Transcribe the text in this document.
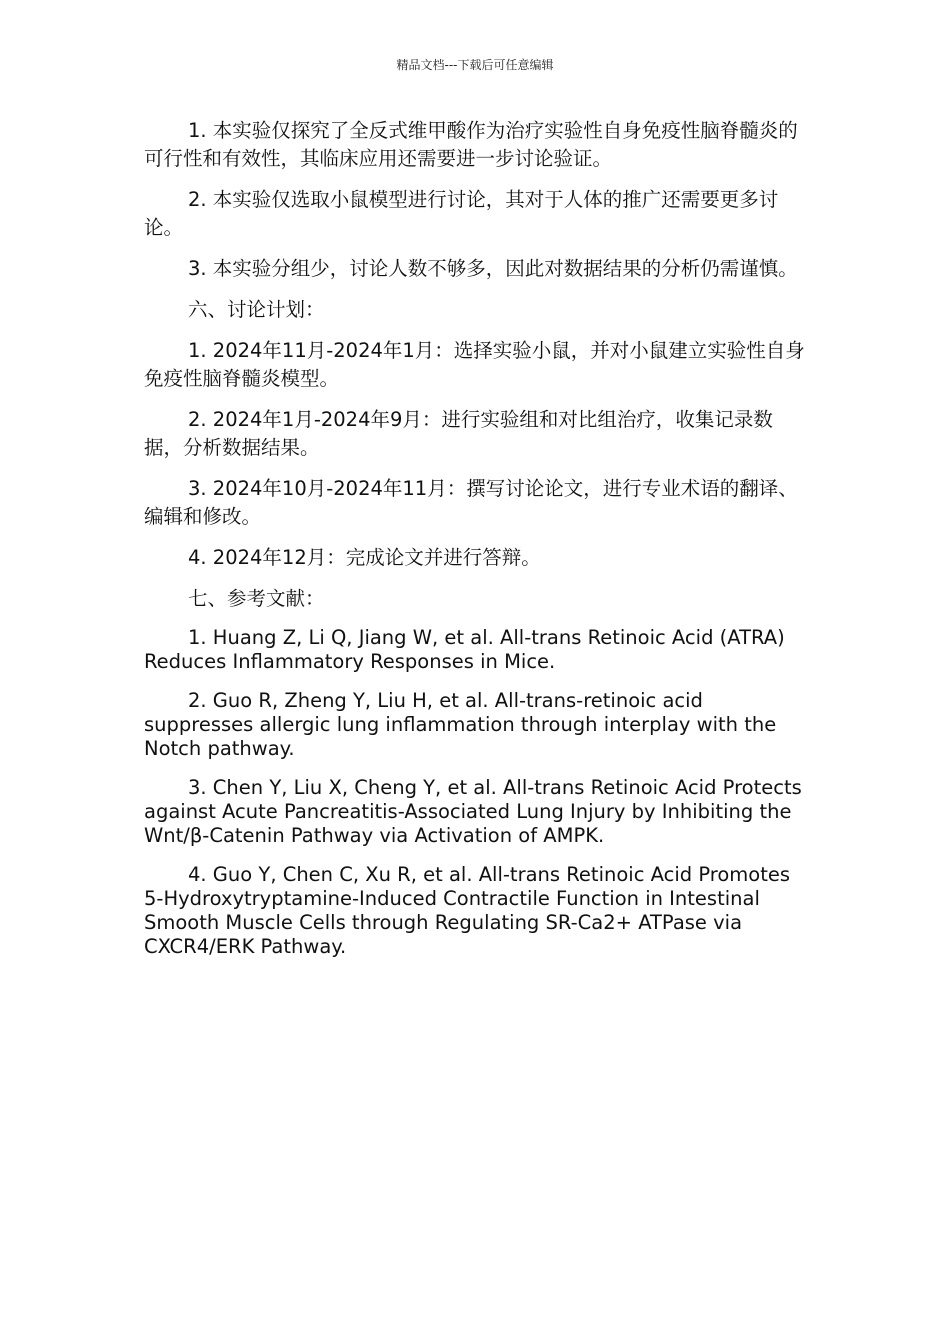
精品文档---下载后可任意编辑

1. 本实验仅探究了全反式维甲酸作为治疗实验性自身免疫性脑脊髓炎的可行性和有效性，其临床应用还需要进一步讨论验证。

2. 本实验仅选取小鼠模型进行讨论，其对于人体的推广还需要更多讨论。

3. 本实验分组少，讨论人数不够多，因此对数据结果的分析仍需谨慎。

六、讨论计划：

1. 2024年11月-2024年1月：选择实验小鼠，并对小鼠建立实验性自身免疫性脑脊髓炎模型。

2. 2024年1月-2024年9月：进行实验组和对比组治疗，收集记录数据，分析数据结果。

3. 2024年10月-2024年11月：撰写讨论论文，进行专业术语的翻译、编辑和修改。

4. 2024年12月：完成论文并进行答辩。

七、参考文献：

1. Huang Z, Li Q, Jiang W, et al. All-trans Retinoic Acid (ATRA) Reduces Inflammatory Responses in Mice.

2. Guo R, Zheng Y, Liu H, et al. All-trans-retinoic acid suppresses allergic lung inflammation through interplay with the Notch pathway.

3. Chen Y, Liu X, Cheng Y, et al. All-trans Retinoic Acid Protects against Acute Pancreatitis-Associated Lung Injury by Inhibiting the Wnt/β-Catenin Pathway via Activation of AMPK.

4. Guo Y, Chen C, Xu R, et al. All-trans Retinoic Acid Promotes 5-Hydroxytryptamine-Induced Contractile Function in Intestinal Smooth Muscle Cells through Regulating SR-Ca2+ ATPase via CXCR4/ERK Pathway.
